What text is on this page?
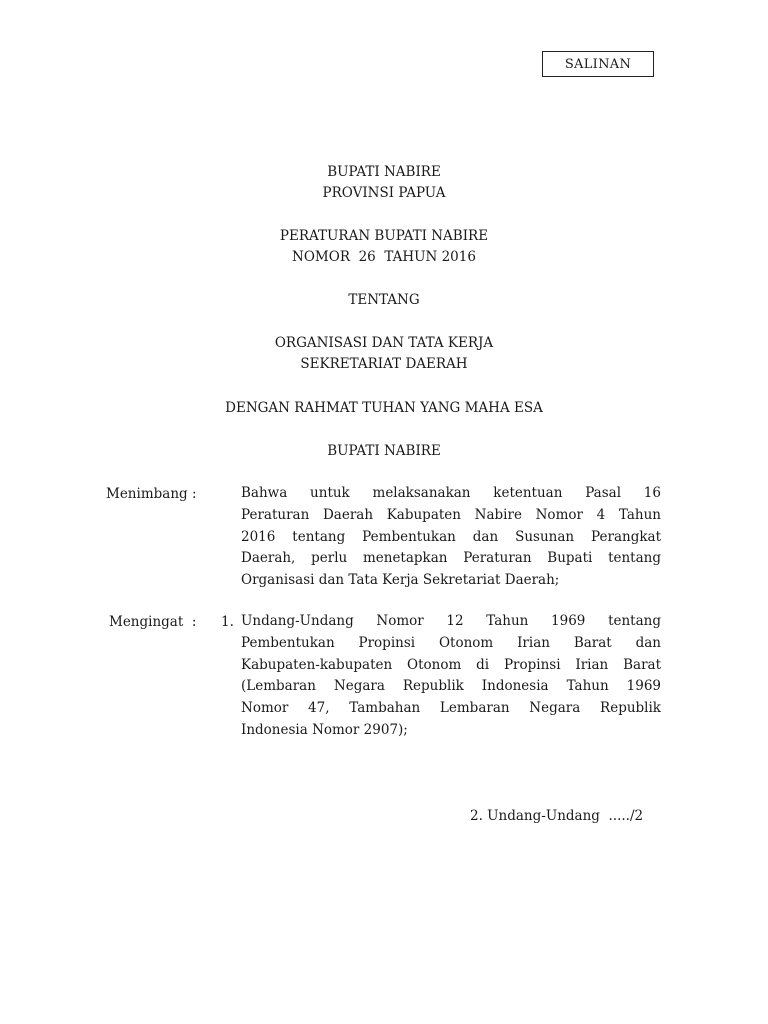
SALINAN
BUPATI NABIRE
PROVINSI PAPUA
PERATURAN BUPATI NABIRE
NOMOR  26  TAHUN 2016
TENTANG
ORGANISASI DAN TATA KERJA
SEKRETARIAT DAERAH
DENGAN RAHMAT TUHAN YANG MAHA ESA
BUPATI NABIRE
Menimbang :	Bahwa untuk melaksanakan ketentuan Pasal 16
Peraturan Daerah Kabupaten Nabire Nomor 4 Tahun
2016 tentang Pembentukan dan Susunan Perangkat
Daerah, perlu menetapkan Peraturan Bupati tentang
Organisasi dan Tata Kerja Sekretariat Daerah;
Mengingat  : 1. Undang-Undang Nomor 12 Tahun 1969 tentang
Pembentukan Propinsi Otonom Irian Barat dan
Kabupaten-kabupaten Otonom di Propinsi Irian Barat
(Lembaran Negara Republik Indonesia Tahun 1969
Nomor 47, Tambahan Lembaran Negara Republik
Indonesia Nomor 2907);
2. Undang-Undang  ...../2
